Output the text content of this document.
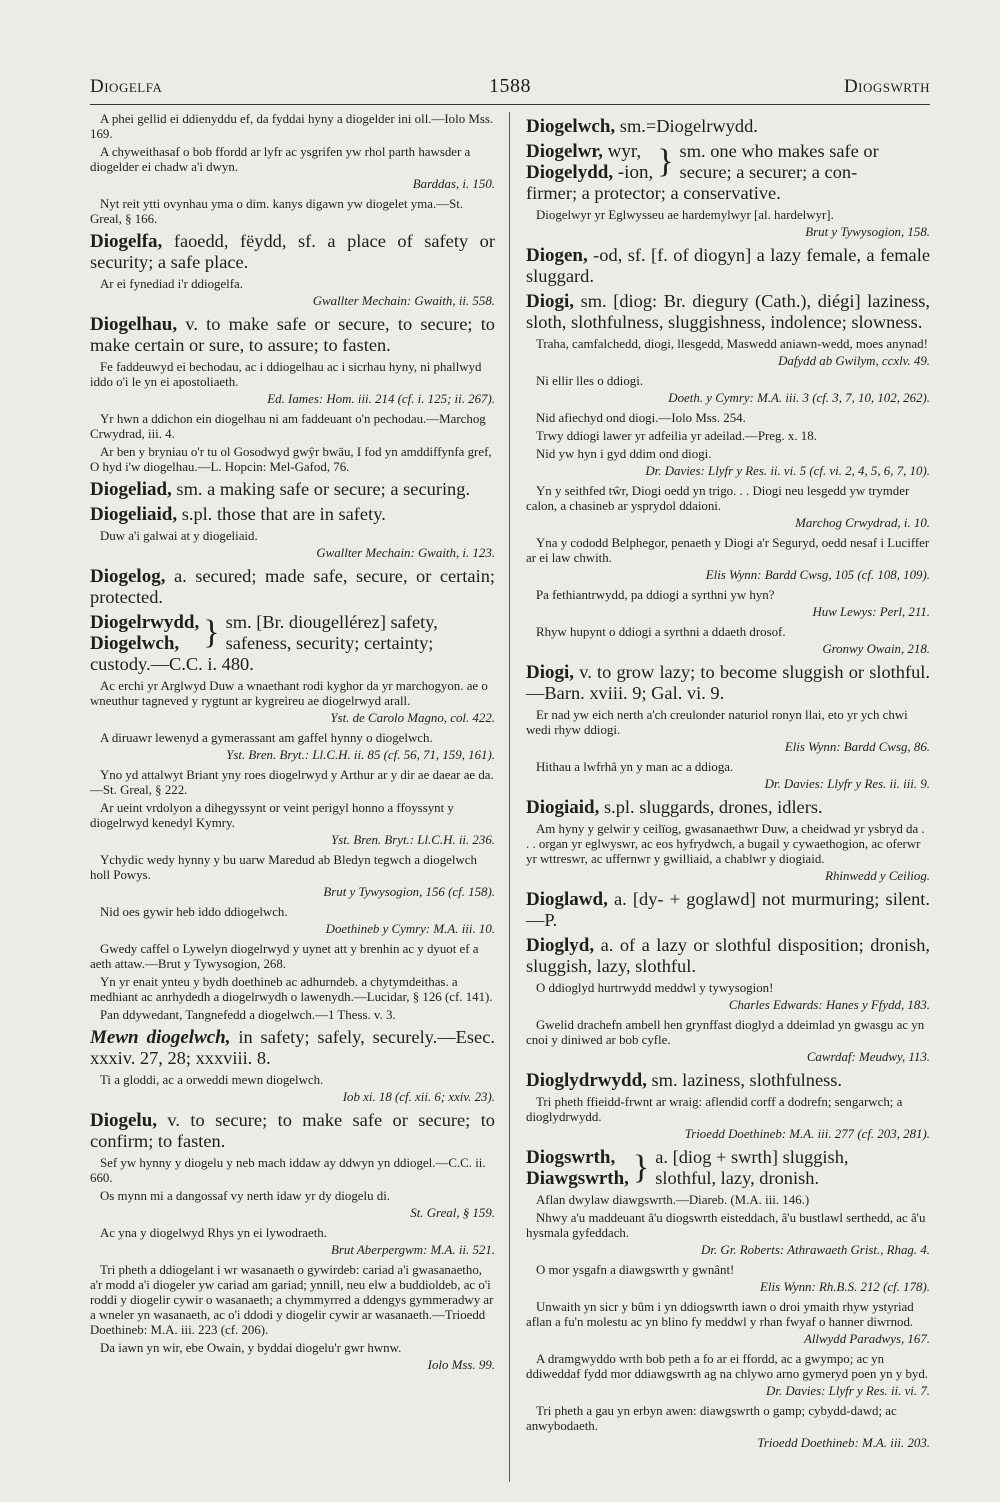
Diogelfa	1588	Diogswrth
A phei gellid ei ddienyddu ef, da fyddai hyny a diogelder ini oll.—Iolo Mss. 169.
A chyweithasaf o bob ffordd ar lyfr ac ysgrifen yw rhol parth hawsder a diogelder ei chadw a'i dwyn.
Barddas, i. 150.
Nyt reit ytti ovynhau yma o dim. kanys digawn yw diogelet yma.—St. Greal, § 166.
Diogelfa, faoedd, fëydd, sf. a place of safety or security; a safe place.
Ar ei fynediad i'r ddiogelfa.
Gwallter Mechain: Gwaith, ii. 558.
Diogelhau, v. to make safe or secure, to secure; to make certain or sure, to assure; to fasten.
Fe faddeuwyd ei bechodau, ac i ddiogelhau ac i sicrhau hyny, ni phallwyd iddo o'i le yn ei apostoliaeth.
Ed. Iames: Hom. iii. 214 (cf. i. 125; ii. 267).
Yr hwn a ddichon ein diogelhau ni am faddeuant o'n pechodau.—Marchog Crwydrad, iii. 4.
Ar ben y bryniau o'r tu ol Gosodwyd gwŷr bwäu, I fod yn amddiffynfa gref, O hyd i'w diogelhau.—L. Hopcin: Mel-Gafod, 76.
Diogeliad, sm. a making safe or secure; a securing.
Diogeliaid, s.pl. those that are in safety.
Duw a'i galwai at y diogeliaid.
Gwallter Mechain: Gwaith, i. 123.
Diogelog, a. secured; made safe, secure, or certain; protected.
Diogelrwydd,
Diogelwch, } sm. [Br. diougellérez] safety,
safeness, security; certainty;
custody.—C.C. i. 480.
Ac erchi yr Arglwyd Duw a wnaethant rodi kyghor da yr marchogyon. ae o wneuthur tagneved y rygtunt ar kygreireu ae diogelrwyd arall.
Yst. de Carolo Magno, col. 422.
A diruawr lewenyd a gymerassant am gaffel hynny o diogelwch.
Yst. Bren. Bryt.: Ll.C.H. ii. 85 (cf. 56, 71, 159, 161).
Yno yd attalwyt Briant yny roes diogelrwyd y Arthur ar y dir ae daear ae da.—St. Greal, § 222.
Ar ueint vrdolyon a dihegyssynt or veint perigyl honno a ffoyssynt y diogelrwyd kenedyl Kymry.
Yst. Bren. Bryt.: Ll.C.H. ii. 236.
Ychydic wedy hynny y bu uarw Maredud ab Bledyn tegwch a diogelwch holl Powys.
Brut y Tywysogion, 156 (cf. 158).
Nid oes gywir heb iddo ddiogelwch.
Doethineb y Cymry: M.A. iii. 10.
Gwedy caffel o Lywelyn diogelrwyd y uynet att y brenhin ac y dyuot ef a aeth attaw.—Brut y Tywysogion, 268.
Yn yr enait ynteu y bydh doethineb ac adhurndeb. a chytymdeithas. a medhiant ac anrhydedh a diogelrwydh o lawenydh.—Lucidar, § 126 (cf. 141).
Pan ddywedant, Tangnefedd a diogelwch.—1 Thess. v. 3.
Mewn diogelwch, in safety; safely, securely.—Esec. xxxiv. 27, 28; xxxviii. 8.
Ti a gloddi, ac a orweddi mewn diogelwch.
Iob xi. 18 (cf. xii. 6; xxiv. 23).
Diogelu, v. to secure; to make safe or secure; to confirm; to fasten.
Sef yw hynny y diogelu y neb mach iddaw ay ddwyn yn ddiogel.—C.C. ii. 660.
Os mynn mi a dangossaf vy nerth idaw yr dy diogelu di.
St. Greal, § 159.
Ac yna y diogelwyd Rhys yn ei lywodraeth.
Brut Aberpergwm: M.A. ii. 521.
Tri pheth a ddiogelant i wr wasanaeth o gywirdeb: cariad a'i gwasanaetho, a'r modd a'i diogeler yw cariad am gariad; ynnill, neu elw a buddioldeb, ac o'i roddi y diogelir cywir o wasanaeth; a chymmyrred a ddengys gymmeradwy ar a wneler yn wasanaeth, ac o'i ddodi y diogelir cywir ar wasanaeth.—Trioedd Doethineb: M.A. iii. 223 (cf. 206).
Da iawn yn wir, ebe Owain, y byddai diogelu'r gwr hwnw.
Iolo Mss. 99.
Diogelwch, sm.=Diogelrwydd.
Diogelwr, wyr,
Diogelydd, -ion, } sm. one who makes safe or
secure; a securer; a con-
firmer; a protector; a conservative.
Diogelwyr yr Eglwysseu ae hardemylwyr [al. hardelwyr].
Brut y Tywysogion, 158.
Diogen, -od, sf. [f. of diogyn] a lazy female, a female sluggard.
Diogi, sm. [diog: Br. diegury (Cath.), diégi] laziness, sloth, slothfulness, sluggishness, indolence; slowness.
Traha, camfalchedd, diogi, llesgedd, Maswedd aniawn-wedd, moes anynad!
Dafydd ab Gwilym, ccxlv. 49.
Ni ellir lles o ddiogi.
Doeth. y Cymry: M.A. iii. 3 (cf. 3, 7, 10, 102, 262).
Nid afiechyd ond diogi.—Iolo Mss. 254.
Trwy ddiogi lawer yr adfeilia yr adeilad.—Preg. x. 18.
Nid yw hyn i gyd ddim ond diogi.
Dr. Davies: Llyfr y Res. ii. vi. 5 (cf. vi. 2, 4, 5, 6, 7, 10).
Yn y seithfed tŵr, Diogi oedd yn trigo. . . Diogi neu lesgedd yw trymder calon, a chasineb ar ysprydol ddaioni.
Marchog Crwydrad, i. 10.
Yna y cododd Belphegor, penaeth y Diogi a'r Seguryd, oedd nesaf i Luciffer ar ei law chwith.
Elis Wynn: Bardd Cwsg, 105 (cf. 108, 109).
Pa fethiantrwydd, pa ddiogi a syrthni yw hyn?
Huw Lewys: Perl, 211.
Rhyw hupynt o ddiogi a syrthni a ddaeth drosof.
Gronwy Owain, 218.
Diogi, v. to grow lazy; to become sluggish or slothful.—Barn. xviii. 9; Gal. vi. 9.
Er nad yw eich nerth a'ch creulonder naturiol ronyn llai, eto yr ych chwi wedi rhyw ddiogi.
Elis Wynn: Bardd Cwsg, 86.
Hithau a lwfrhâ yn y man ac a ddioga.
Dr. Davies: Llyfr y Res. ii. iii. 9.
Diogiaid, s.pl. sluggards, drones, idlers.
Am hyny y gelwir y ceilïog, gwasanaethwr Duw, a cheidwad yr ysbryd da . . . organ yr eglwyswr, ac eos hyfrydwch, a bugail y cywaethogion, ac oferwr yr wttreswr, ac uffernwr y gwilliaid, a chablwr y diogiaid.
Rhinwedd y Ceiliog.
Dioglawd, a. [dy- + goglawd] not murmuring; silent.—P.
Dioglyd, a. of a lazy or slothful disposition; dronish, sluggish, lazy, slothful.
O ddioglyd hurtrwydd meddwl y tywysogion!
Charles Edwards: Hanes y Ffydd, 183.
Gwelid drachefn ambell hen grynffast dioglyd a ddeimlad yn gwasgu ac yn cnoi y diniwed ar bob cyfle.
Cawrdaf: Meudwy, 113.
Dioglydrwydd, sm. laziness, slothfulness.
Tri pheth ffieidd-frwnt ar wraig: aflendid corff a dodrefn; sengarwch; a dioglydrwydd.
Trioedd Doethineb: M.A. iii. 277 (cf. 203, 281).
Diogswrth,
Diawgswrth, } a. [diog + swrth] sluggish,
slothful, lazy, dronish.
Aflan dwylaw diawgswrth.—Diareb. (M.A. iii. 146.)
Nhwy a'u maddeuant â'u diogswrth eisteddach, â'u bustlawl serthedd, ac â'u hysmala gyfeddach.
Dr. Gr. Roberts: Athrawaeth Grist., Rhag. 4.
O mor ysgafn a diawgswrth y gwnânt!
Elis Wynn: Rh.B.S. 212 (cf. 178).
Unwaith yn sicr y bûm i yn ddiogswrth iawn o droi ymaith rhyw ystyriad aflan a fu'n molestu ac yn blino fy meddwl y rhan fwyaf o hanner diwrnod.
Allwydd Paradwys, 167.
A dramgwyddo wrth bob peth a fo ar ei ffordd, ac a gwympo; ac yn ddiweddaf fydd mor ddiawgswrth ag na chlywo arno gymeryd poen yn y byd.
Dr. Davies: Llyfr y Res. ii. vi. 7.
Tri pheth a gau yn erbyn awen: diawgswrth o gamp; cybydd-dawd; ac anwybodaeth.
Trioedd Doethineb: M.A. iii. 203.
